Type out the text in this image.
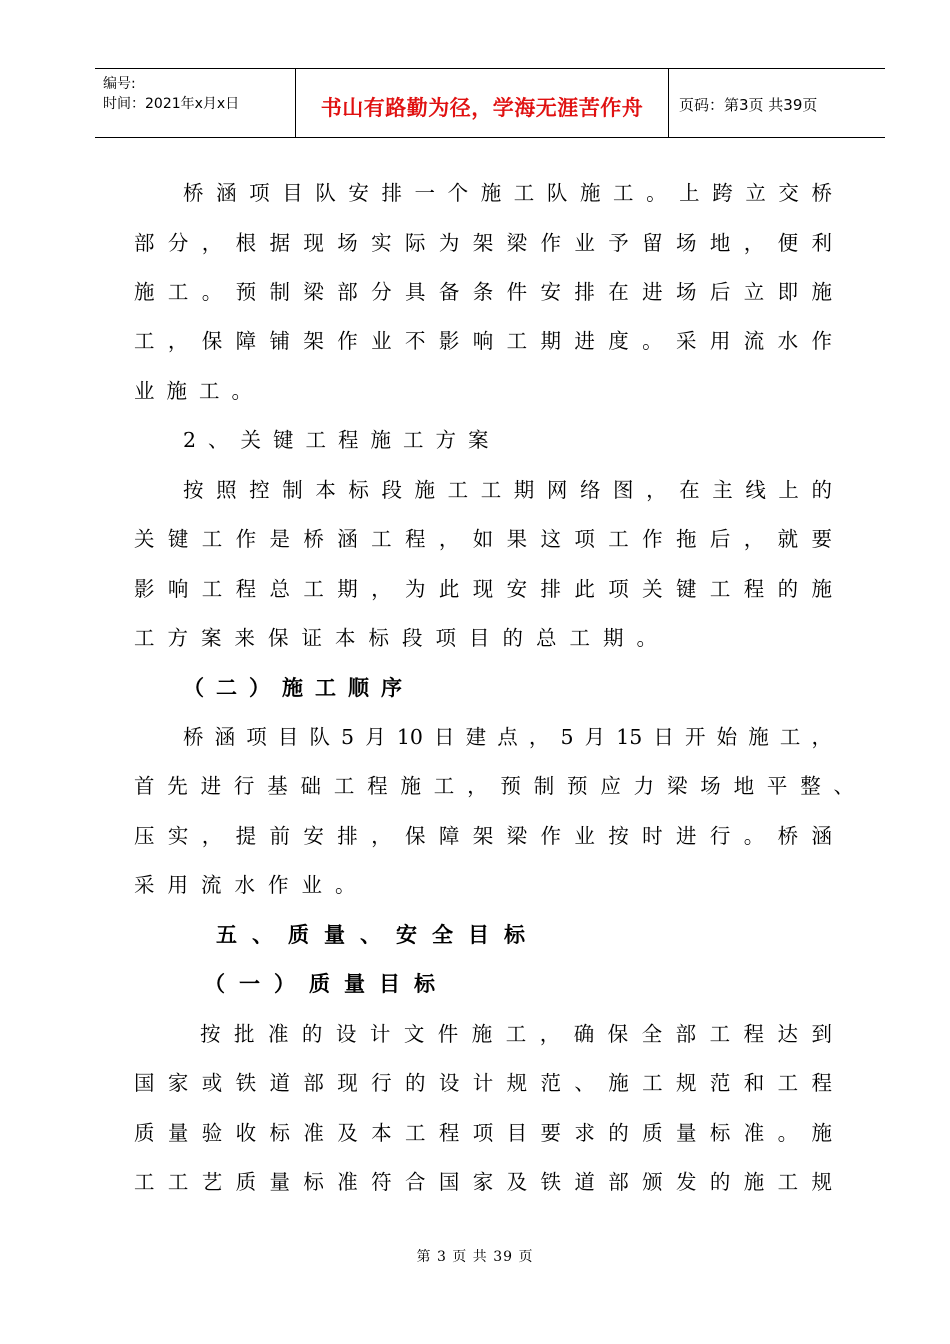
编号:
时间：2021年x月x日	书山有路勤为径，学海无涯苦作舟	页码：第3页 共39页
桥涵项目队安排一个施工队施工。上跨立交桥
部分，根据现场实际为架梁作业予留场地，便利
施工。预制梁部分具备条件安排在进场后立即施
工，保障铺架作业不影响工期进度。采用流水作
业施工。
2、关键工程施工方案
按照控制本标段施工工期网络图，在主线上的
关键工作是桥涵工程，如果这项工作拖后，就要
影响工程总工期，为此现安排此项关键工程的施
工方案来保证本标段项目的总工期。
（二）施工顺序
桥涵项目队5月10日建点，5月15日开始施工，
首先进行基础工程施工，预制预应力梁场地平整、
压实，提前安排，保障架梁作业按时进行。桥涵
采用流水作业。
五、质量、安全目标
（一）质量目标
按批准的设计文件施工，确保全部工程达到
国家或铁道部现行的设计规范、施工规范和工程
质量验收标准及本工程项目要求的质量标准。施
工工艺质量标准符合国家及铁道部颁发的施工规
第 3 页 共 39 页
